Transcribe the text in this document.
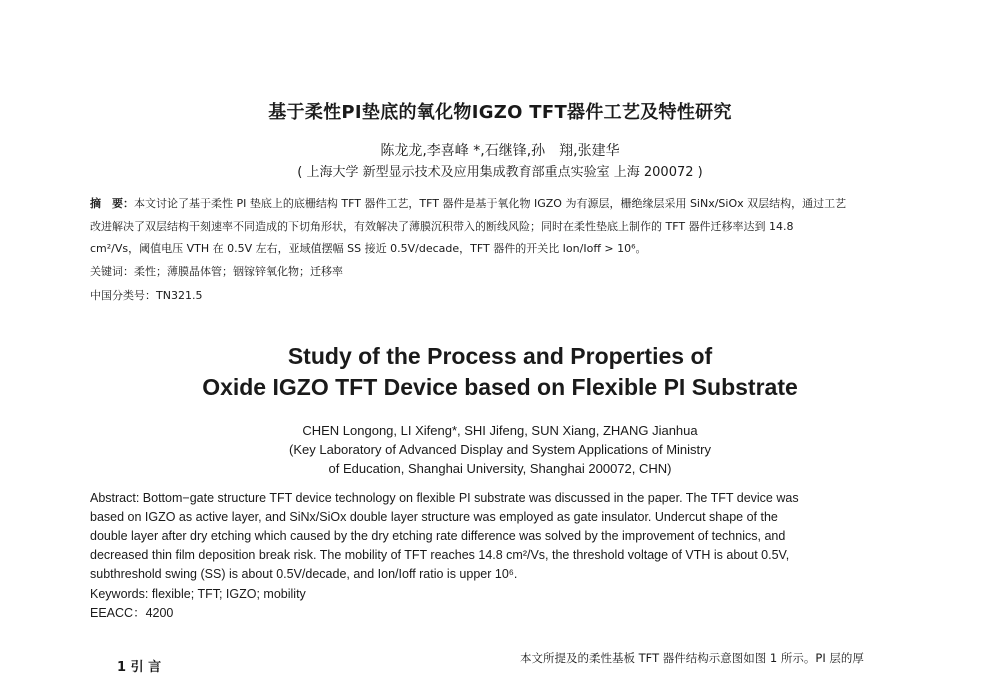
基于柔性PI垫底的氧化物IGZO TFT器件工艺及特性研究
陈龙龙,李喜峰 *,石继锋,孙　翔,张建华
( 上海大学 新型显示技术及应用集成教育部重点实验室 上海 200072 )
摘　要：本文讨论了基于柔性 PI 垫底上的底栅结构 TFT 器件工艺，TFT 器件是基于氧化物 IGZO 为有源层，栅绝缘层采用 SiNx/SiOx 双层结构，通过工艺
改进解决了双层结构干刻速率不同造成的下切角形状，有效解决了薄膜沉积带入的断线风险；同时在柔性垫底上制作的 TFT 器件迁移率达到 14.8
cm²/Vs，阈值电压 VTH 在 0.5V 左右，亚域值摆幅 SS 接近 0.5V/decade，TFT 器件的开关比 Ion/Ioff > 10⁶。
关键词：柔性；薄膜晶体管；铟镓锌氧化物；迁移率
中国分类号：TN321.5
Study of the Process and Properties of
Oxide IGZO TFT Device based on Flexible PI Substrate
CHEN Longong, LI Xifeng*, SHI Jifeng, SUN Xiang, ZHANG Jianhua
(Key Laboratory of Advanced Display and System Applications of Ministry
of Education, Shanghai University, Shanghai 200072, CHN)
Abstract: Bottom−gate structure TFT device technology on flexible PI substrate was discussed in the paper. The TFT device was
based on IGZO as active layer, and SiNx/SiOx double layer structure was employed as gate insulator. Undercut shape of the
double layer after dry etching which caused by the dry etching rate difference was solved by the improvement of technics, and
decreased thin film deposition break risk. The mobility of TFT reaches 14.8 cm²/Vs, the threshold voltage of VTH is about 0.5V,
subthreshold swing (SS) is about 0.5V/decade, and Ion/Ioff ratio is upper 10⁶.
Keywords: flexible; TFT; IGZO; mobility
EEACC：4200
1 引 言
本文所提及的柔性基板 TFT 器件结构示意图如图 1 所示。PI 层的厚
